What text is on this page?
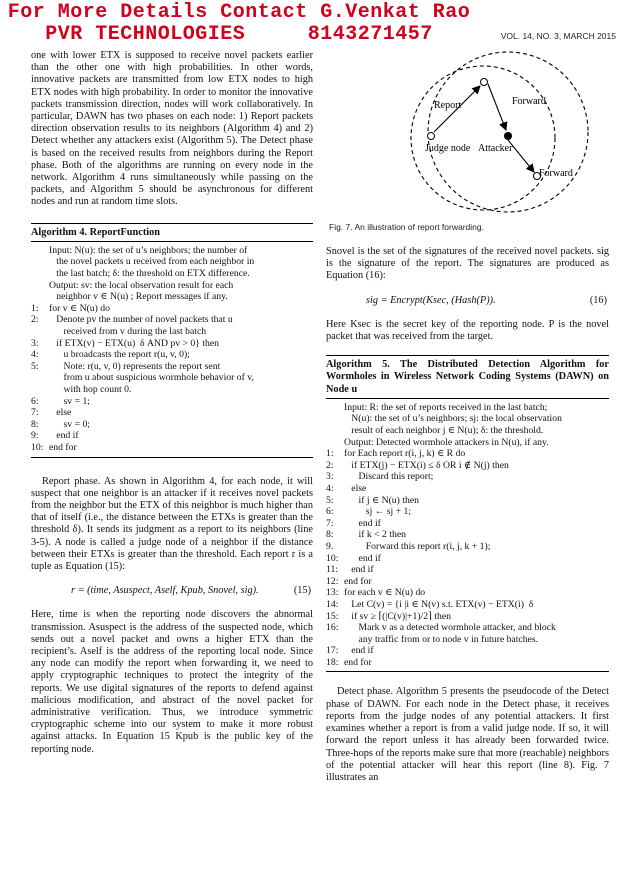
For More Details Contact G.Venkat Rao
PVR TECHNOLOGIES     8143271457	VOL. 14, NO. 3, MARCH 2015

one with lower ETX is supposed to receive novel packets earlier than the other one with high probabilities. In other words, innovative packets are transmitted from low ETX nodes to high ETX nodes with high probability. In order to monitor the innovative packets transmission direction, nodes will work collaboratively. In particular, DAWN has two phases on each node: 1) Report packets direction observation results to its neighbors (Algorithm 4) and 2) Detect whether any attackers exist (Algorithm 5). The Detect phase is based on the received results from neighbors during the Report phase. Both of the algorithms are running on every node in the network. Algorithm 4 runs simultaneously while passing on the packets, and Algorithm 5 should be asynchronous for different nodes and run at random time slots.

Algorithm 4. ReportFunction
Input: N(u): the set of u’s neighbors; the number of
the novel packets u received from each neighbor in
the last batch; δ: the threshold on ETX difference.
Output: sv: the local observation result for each
neighbor v ∈ N(u) ; Report messages if any.
1:	for v ∈ N(u) do
2:	Denote pv the number of novel packets that u
received from v during the last batch
3:	if ETX(v) − ETX(u)  δ AND pv > 0} then
4:	u broadcasts the report r(u, v, 0);
5:	Note: r(u, v, 0) represents the report sent
from u about suspicious wormhole behavior of v,
with hop count 0.
6:	sv = 1;
7:	else
8:	sv = 0;
9:	end if
10: end for

Report phase. As shown in Algorithm 4, for each node, it will suspect that one neighbor is an attacker if it receives novel packets from the neighbor but the ETX of this neighbor is much higher than that of itself (i.e., the distance between the ETXs is greater than the threshold δ). It sends its judgment as a report to its neighbors (line 3-5). A node is called a judge node of a neighbor if the distance between their ETXs is greater than the threshold. Each report r is a tuple as Equation (15):

r = (time, Asuspect, Aself, Kpub, Snovel, sig).	(15)

Here, time is when the reporting node discovers the abnormal transmission. Asuspect is the address of the suspected node, which sends out a novel packet and owns a higher ETX than the recipient’s. Aself is the address of the reporting local node. Since any node can modify the report when forwarding it, we need to apply cryptographic techniques to protect the integrity of the reports. We use digital signatures of the reports to defend against malicious modification, and abstract of the novel packet for administrative verification. Thus, we introduce symmetric cryptographic scheme into our system to make it more robust against attacks. In Equation 15 Kpub is the public key of the reporting node.

Report	Forward
Judge node Attacker
Forward
Fig. 7. An illustration of report forwarding.

Snovel is the set of the signatures of the received novel packets. sig is the signature of the report. The signatures are produced as Equation (16):

sig = Encrypt(Ksec, (Hash(P)).	(16)

Here Ksec is the secret key of the reporting node. P is the novel packet that was received from the target.

Algorithm 5. The Distributed Detection Algorithm for Wormholes in Wireless Network Coding Systems (DAWN) on Node u
Input: R: the set of reports received in the last batch;
N(u): the set of u’s neighbors; sj: the local observation
result of each neighbor j ∈ N(u); δ: the threshold.
Output: Detected wormhole attackers in N(u), if any.
1:	for Each report r(i, j, k) ∈ R do
2:	if ETX(j) − ETX(i) ≤ δ OR i ∉ N(j) then
3:	Discard this report;
4:	else
5:	if j ∈ N(u) then
6:	sj ← sj + 1;
7:	end if
8:	if k < 2 then
9.	Forward this report r(i, j, k + 1);
10: end if
11: end if
12: end for
13: for each v ∈ N(u) do
14: Let C(v) = {i |i ∈ N(v) s.t. ETX(v) − ETX(i)  δ
15: if sv ≥ ⌈(|C(v)|+1)/2⌉ then
16: Mark v as a detected wormhole attacker, and block
any traffic from or to node v in future batches.
17: end if
18: end for

Detect phase. Algorithm 5 presents the pseudocode of the Detect phase of DAWN. For each node in the Detect phase, it receives reports from the judge nodes of any potential attackers. It first examines whether a report is from a valid judge node. If so, it will forward the report unless it has already been forwarded twice. Three-hops of the reports make sure that more (reachable) neighbors of the potential attacker will hear this report (line 8). Fig. 7 illustrates an
